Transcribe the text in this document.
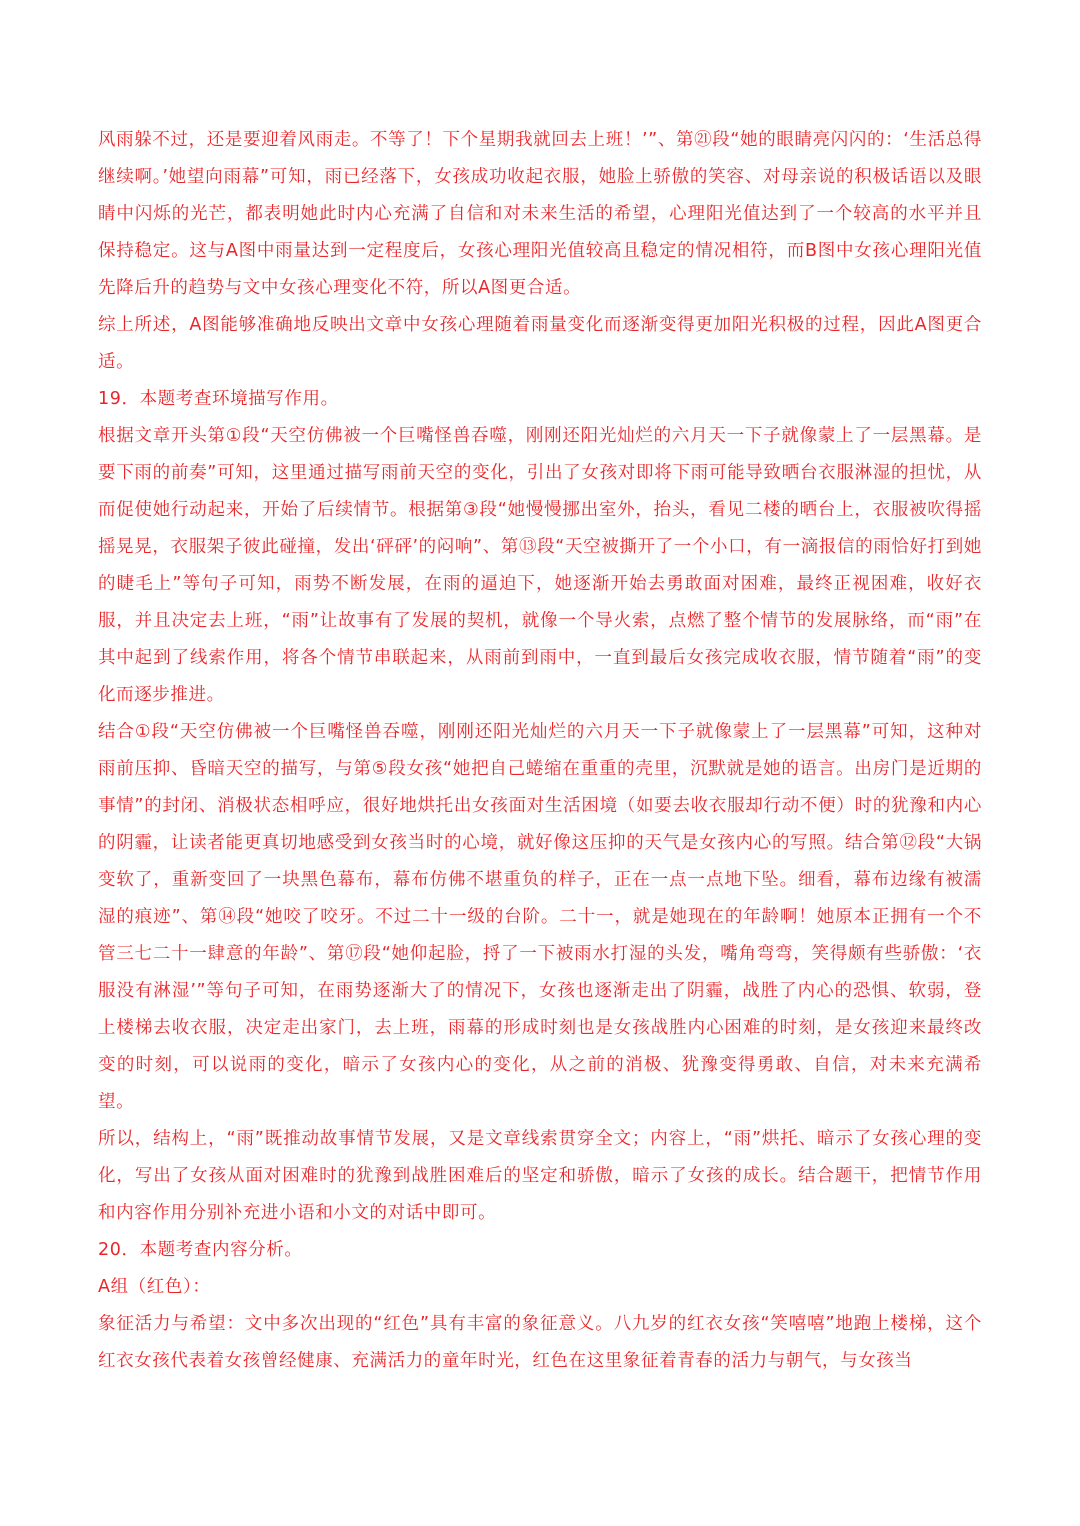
风雨躲不过，还是要迎着风雨走。不等了！下个星期我就回去上班！’”、第㉑段“她的眼睛亮闪闪的：‘生活总得继续啊。’她望向雨幕”可知，雨已经落下，女孩成功收起衣服，她脸上骄傲的笑容、对母亲说的积极话语以及眼睛中闪烁的光芒，都表明她此时内心充满了自信和对未来生活的希望，心理阳光值达到了一个较高的水平并且保持稳定。这与A图中雨量达到一定程度后，女孩心理阳光值较高且稳定的情况相符，而B图中女孩心理阳光值先降后升的趋势与文中女孩心理变化不符，所以A图更合适。

综上所述，A图能够准确地反映出文章中女孩心理随着雨量变化而逐渐变得更加阳光积极的过程，因此A图更合适。

19．本题考查环境描写作用。

根据文章开头第①段“天空仿佛被一个巨嘴怪兽吞噬，刚刚还阳光灿烂的六月天一下子就像蒙上了一层黑幕。是要下雨的前奏”可知，这里通过描写雨前天空的变化，引出了女孩对即将下雨可能导致晒台衣服淋湿的担忧，从而促使她行动起来，开始了后续情节。根据第③段“她慢慢挪出室外，抬头，看见二楼的晒台上，衣服被吹得摇摇晃晃，衣服架子彼此碰撞，发出‘砰砰’的闷响”、第⑬段“天空被撕开了一个小口，有一滴报信的雨恰好打到她的睫毛上”等句子可知，雨势不断发展，在雨的逼迫下，她逐渐开始去勇敢面对困难，最终正视困难，收好衣服，并且决定去上班，“雨”让故事有了发展的契机，就像一个导火索，点燃了整个情节的发展脉络，而“雨”在其中起到了线索作用，将各个情节串联起来，从雨前到雨中，一直到最后女孩完成收衣服，情节随着“雨”的变化而逐步推进。

结合①段“天空仿佛被一个巨嘴怪兽吞噬，刚刚还阳光灿烂的六月天一下子就像蒙上了一层黑幕”可知，这种对雨前压抑、昏暗天空的描写，与第⑤段女孩“她把自己蜷缩在重重的壳里，沉默就是她的语言。出房门是近期的事情”的封闭、消极状态相呼应，很好地烘托出女孩面对生活困境（如要去收衣服却行动不便）时的犹豫和内心的阴霾，让读者能更真切地感受到女孩当时的心境，就好像这压抑的天气是女孩内心的写照。结合第⑫段“大锅变软了，重新变回了一块黑色幕布，幕布仿佛不堪重负的样子，正在一点一点地下坠。细看，幕布边缘有被濡湿的痕迹”、第⑭段“她咬了咬牙。不过二十一级的台阶。二十一，就是她现在的年龄啊！她原本正拥有一个不管三七二十一肆意的年龄”、第⑰段“她仰起脸，捋了一下被雨水打湿的头发，嘴角弯弯，笑得颇有些骄傲：‘衣服没有淋湿’”等句子可知，在雨势逐渐大了的情况下，女孩也逐渐走出了阴霾，战胜了内心的恐惧、软弱，登上楼梯去收衣服，决定走出家门，去上班，雨幕的形成时刻也是女孩战胜内心困难的时刻，是女孩迎来最终改变的时刻，可以说雨的变化，暗示了女孩内心的变化，从之前的消极、犹豫变得勇敢、自信，对未来充满希望。

所以，结构上，“雨”既推动故事情节发展，又是文章线索贯穿全文；内容上，“雨”烘托、暗示了女孩心理的变化，写出了女孩从面对困难时的犹豫到战胜困难后的坚定和骄傲，暗示了女孩的成长。结合题干，把情节作用和内容作用分别补充进小语和小文的对话中即可。

20．本题考查内容分析。

A组（红色）：

象征活力与希望：文中多次出现的“红色”具有丰富的象征意义。八九岁的红衣女孩“笑嘻嘻”地跑上楼梯，这个红衣女孩代表着女孩曾经健康、充满活力的童年时光，红色在这里象征着青春的活力与朝气，与女孩当
